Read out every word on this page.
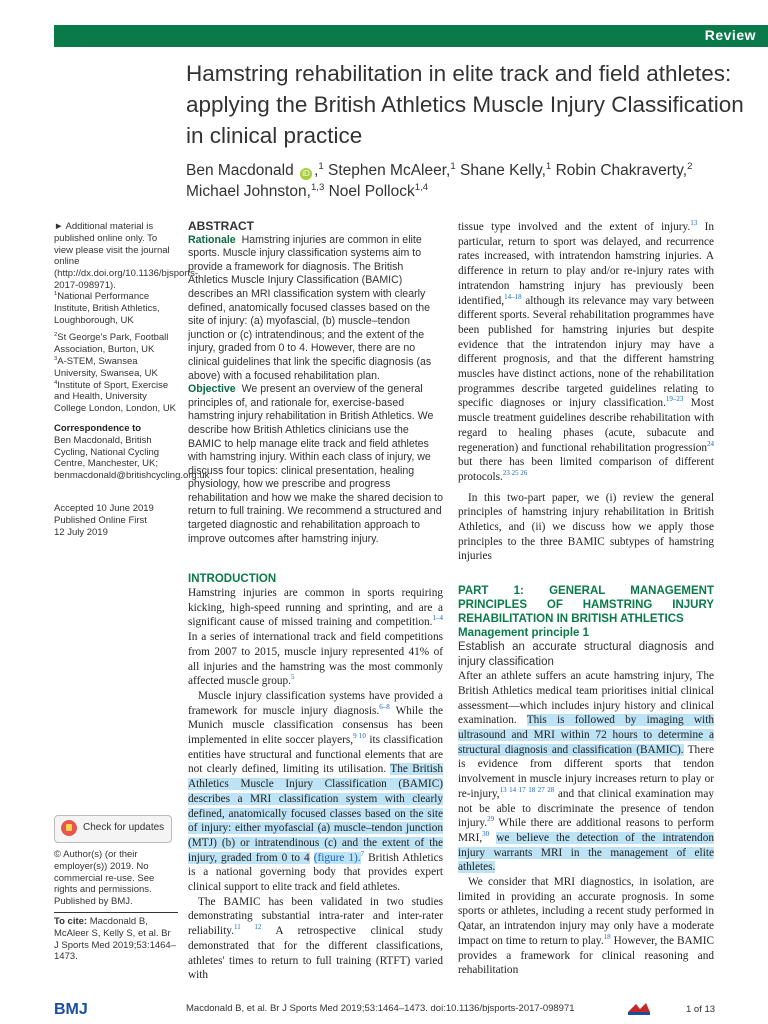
Review
Hamstring rehabilitation in elite track and field athletes: applying the British Athletics Muscle Injury Classification in clinical practice
Ben Macdonald iD ,$^1$ Stephen McAleer,$^1$ Shane Kelly,$^1$ Robin Chakraverty,$^2$
Michael Johnston,$^{1,3}$ Noel Pollock$^{1,4}$
► Additional material is published online only. To view please visit the journal online (http://dx.doi.org/10.1136/bjsports-2017-098971).
$^1$National Performance Institute, British Athletics, Loughborough, UK
$^2$St George's Park, Football Association, Burton, UK
$^3$A-STEM, Swansea University, Swansea, UK
$^4$Institute of Sport, Exercise and Health, University College London, London, UK
Correspondence to
Ben Macdonald, British Cycling, National Cycling Centre, Manchester, UK; benmacdonald@britishcycling.org.uk
Accepted 10 June 2019 Published Online First 12 July 2019
Check for updates
© Author(s) (or their employer(s)) 2019. No commercial re-use. See rights and permissions. Published by BMJ.
To cite: Macdonald B, McAleer S, Kelly S, et al. Br J Sports Med 2019;53:1464–1473.
ABSTRACT

Rationale Hamstring injuries are common in elite sports. Muscle injury classification systems aim to provide a framework for diagnosis. The British Athletics Muscle Injury Classification (BAMIC) describes an MRI classification system with clearly defined, anatomically focused classes based on the site of injury: (a) myofascial, (b) muscle–tendon junction or (c) intratendinous; and the extent of the injury, graded from 0 to 4. However, there are no clinical guidelines that link the specific diagnosis (as above) with a focused rehabilitation plan.

Objective We present an overview of the general principles of, and rationale for, exercise-based hamstring injury rehabilitation in British Athletics. We describe how British Athletics clinicians use the BAMIC to help manage elite track and field athletes with hamstring injury. Within each class of injury, we discuss four topics: clinical presentation, healing physiology, how we prescribe and progress rehabilitation and how we make the shared decision to return to full training. We recommend a structured and targeted diagnostic and rehabilitation approach to improve outcomes after hamstring injury.

INTRODUCTION

Hamstring injuries are common in sports requiring kicking, high-speed running and sprinting, and are a significant cause of missed training and competition.$^{1-4}$ In a series of international track and field competitions from 2007 to 2015, muscle injury represented 41% of all injuries and the hamstring was the most commonly affected muscle group.$^5$

Muscle injury classification systems have provided a framework for muscle injury diagnosis.$^{6-8}$ While the Munich muscle classification consensus has been implemented in elite soccer players,$^{9 10}$ its classification entities have structural and functional elements that are not clearly defined, limiting its utilisation. The British Athletics Muscle Injury Classification (BAMIC) describes a MRI classification system with clearly defined, anatomically focused classes based on the site of injury: either myofascial (a) muscle–tendon junction (MTJ) (b) or intratendinous (c) and the extent of the injury, graded from 0 to 4 (figure 1).$^7$ British Athletics is a national governing body that provides expert clinical support to elite track and field athletes.

The BAMIC has been validated in two studies demonstrating substantial intra-rater and inter-rater reliability.$^{11 12}$ A retrospective clinical study demonstrated that for the different classifications, athletes' times to return to full training (RTFT) varied with

tissue type involved and the extent of injury.$^{13}$ In particular, return to sport was delayed, and recurrence rates increased, with intratendon hamstring injuries. A difference in return to play and/or re-injury rates with intratendon hamstring injury has previously been identified,$^{14-18}$ although its relevance may vary between different sports. Several rehabilitation programmes have been published for hamstring injuries but despite evidence that the intratendon injury may have a different prognosis, and that the different hamstring muscles have distinct actions, none of the rehabilitation programmes describe targeted guidelines relating to specific diagnoses or injury classification.$^{19-23}$ Most muscle treatment guidelines describe rehabilitation with regard to healing phases (acute, subacute and regeneration) and functional rehabilitation progression$^{24}$ but there has been limited comparison of different protocols.$^{23 25 26}$

In this two-part paper, we (i) review the general principles of hamstring injury rehabilitation in British Athletics, and (ii) we discuss how we apply those principles to the three BAMIC subtypes of hamstring injuries

PART 1: GENERAL MANAGEMENT PRINCIPLES OF HAMSTRING INJURY REHABILITATION IN BRITISH ATHLETICS
Management principle 1
Establish an accurate structural diagnosis and injury classification

After an athlete suffers an acute hamstring injury, The British Athletics medical team prioritises initial clinical assessment—which includes injury history and clinical examination. This is followed by imaging with ultrasound and MRI within 72 hours to determine a structural diagnosis and classification (BAMIC). There is evidence from different sports that tendon involvement in muscle injury increases return to play or re-injury,$^{13 14 17 18 27 28}$ and that clinical examination may not be able to discriminate the presence of tendon injury.$^{29}$ While there are additional reasons to perform MRI,$^{30}$ we believe the detection of the intratendon injury warrants MRI in the management of elite athletes.

We consider that MRI diagnostics, in isolation, are limited in providing an accurate prognosis. In some sports or athletes, including a recent study performed in Qatar, an intratendon injury may only have a moderate impact on time to return to play.$^{18}$ However, the BAMIC provides a framework for clinical reasoning and rehabilitation

BMJ	Macdonald B, et al. Br J Sports Med 2019;53:1464–1473. doi:10.1136/bjsports-2017-098971	1 of 13
